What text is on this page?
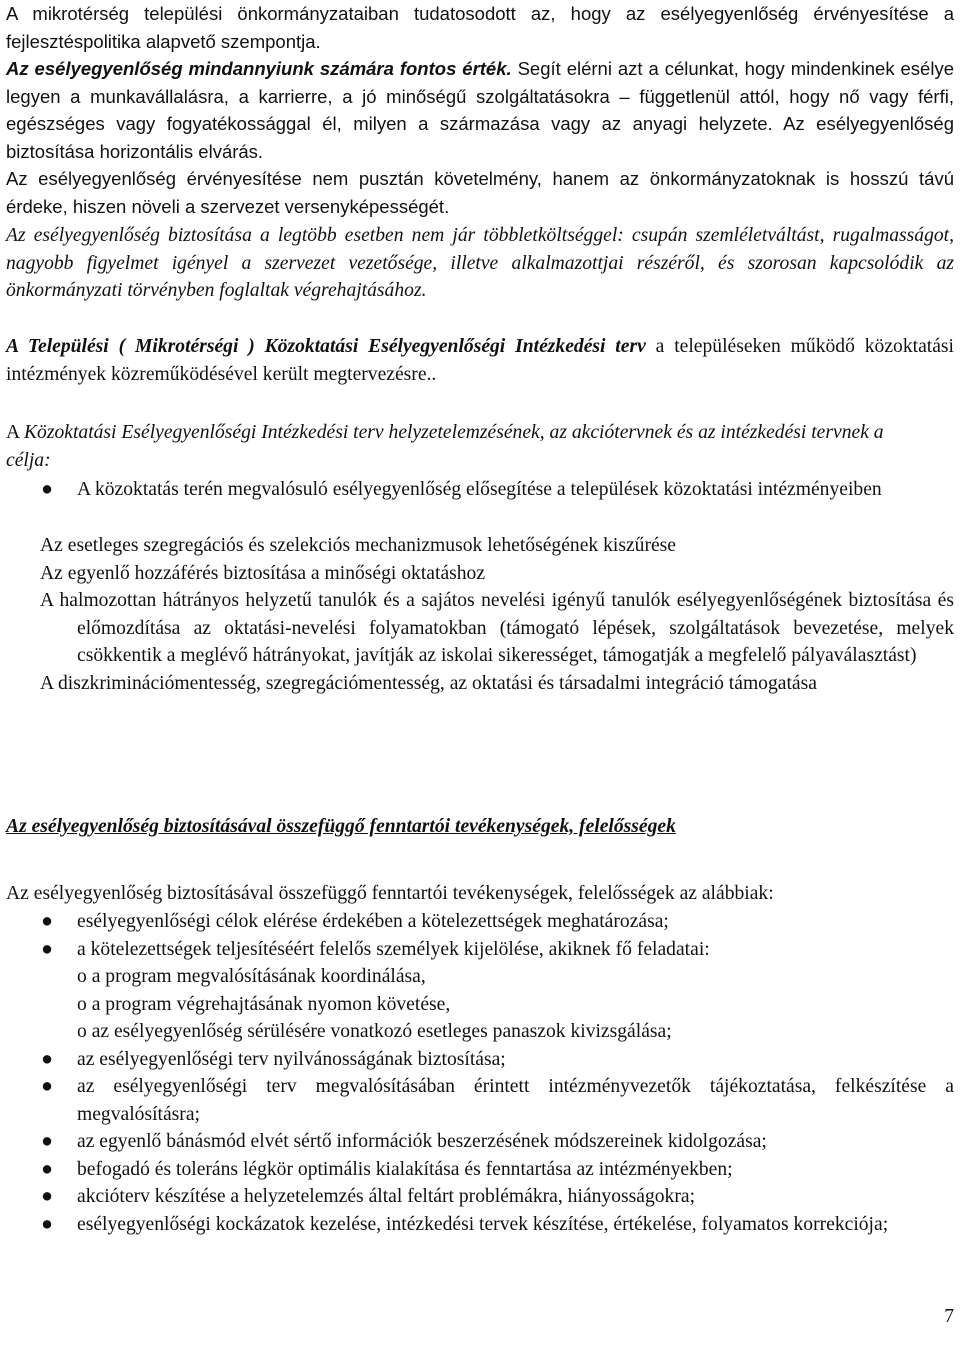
A mikrotérség települési önkormányzataiban tudatosodott az, hogy az esélyegyenlőség érvényesítése a fejlesztéspolitika alapvető szempontja.

Az esélyegyenlőség mindannyiunk számára fontos érték. Segít elérni azt a célunkat, hogy mindenkinek esélye legyen a munkavállalásra, a karrierre, a jó minőségű szolgáltatásokra – függetlenül attól, hogy nő vagy férfi, egészséges vagy fogyatékossággal él, milyen a származása vagy az anyagi helyzete. Az esélyegyenlőség biztosítása horizontális elvárás.

Az esélyegyenlőség érvényesítése nem pusztán követelmény, hanem az önkormányzatoknak is hosszú távú érdeke, hiszen növeli a szervezet versenyképességét.

Az esélyegyenlőség biztosítása a legtöbb esetben nem jár többletköltséggel: csupán szemléletváltást, rugalmasságot, nagyobb figyelmet igényel a szervezet vezetősége, illetve alkalmazottjai részéről, és szorosan kapcsolódik az önkormányzati törvényben foglaltak végrehajtásához.

A Települési ( Mikrotérségi ) Közoktatási Esélyegyenlőségi Intézkedési terv a településeken működő közoktatási intézmények közreműködésével került megtervezésre..

A Közoktatási Esélyegyenlőségi Intézkedési terv helyzetelemzésének, az akciótervnek és az intézkedési tervnek a célja:

● A közoktatás terén megvalósuló esélyegyenlőség elősegítése a települések közoktatási intézményeiben
Az esetleges szegregációs és szelekciós mechanizmusok lehetőségének kiszűrése
Az egyenlő hozzáférés biztosítása a minőségi oktatáshoz
A halmozottan hátrányos helyzetű tanulók és a sajátos nevelési igényű tanulók esélyegyenlőségének biztosítása és előmozdítása az oktatási-nevelési folyamatokban (támogató lépések, szolgáltatások bevezetése, melyek csökkentik a meglévő hátrányokat, javítják az iskolai sikerességet, támogatják a megfelelő pályaválasztást)
A diszkriminációmentesség, szegregációmentesség, az oktatási és társadalmi integráció támogatása
Az esélyegyenlőség biztosításával összefüggő fenntartói tevékenységek, felelősségek

Az esélyegyenlőség biztosításával összefüggő fenntartói tevékenységek, felelősségek az alábbiak:

● esélyegyenlőségi célok elérése érdekében a kötelezettségek meghatározása;
● a kötelezettségek teljesítéséért felelős személyek kijelölése, akiknek fő feladatai:
o a program megvalósításának koordinálása,
o a program végrehajtásának nyomon követése,
o az esélyegyenlőség sérülésére vonatkozó esetleges panaszok kivizsgálása;
● az esélyegyenlőségi terv nyilvánosságának biztosítása;
● az esélyegyenlőségi terv megvalósításában érintett intézményvezetők tájékoztatása, felkészítése a megvalósításra;
● az egyenlő bánásmód elvét sértő információk beszerzésének módszereinek kidolgozása;
● befogadó és toleráns légkör optimális kialakítása és fenntartása az intézményekben;
● akcióterv készítése a helyzetelemzés által feltárt problémákra, hiányosságokra;
● esélyegyenlőségi kockázatok kezelése, intézkedési tervek készítése, értékelése, folyamatos korrekciója;
7
